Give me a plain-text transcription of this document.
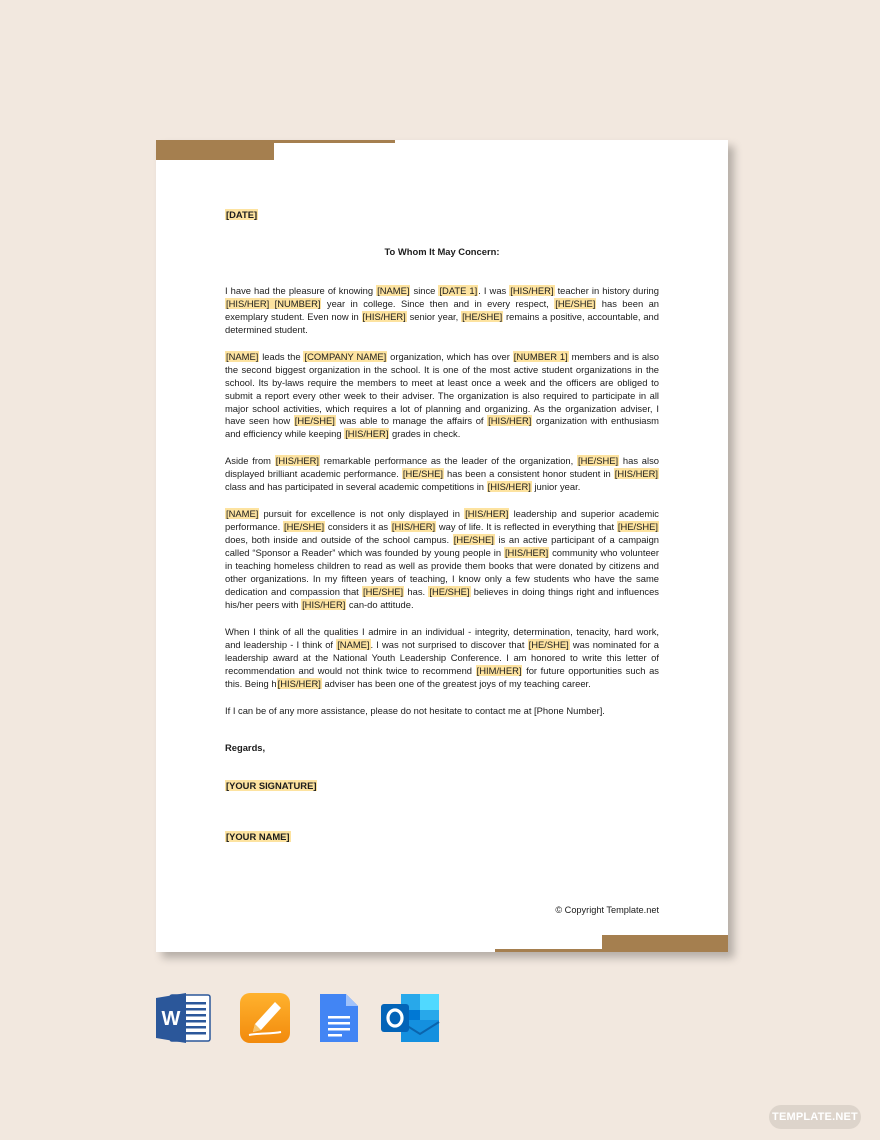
[DATE]
To Whom It May Concern:
I have had the pleasure of knowing [NAME] since [DATE 1]. I was [HIS/HER] teacher in history during [HIS/HER] [NUMBER] year in college. Since then and in every respect, [HE/SHE] has been an exemplary student. Even now in [HIS/HER] senior year, [HE/SHE] remains a positive, accountable, and determined student.
[NAME] leads the [COMPANY NAME] organization, which has over [NUMBER 1] members and is also the second biggest organization in the school. It is one of the most active student organizations in the school. Its by-laws require the members to meet at least once a week and the officers are obliged to submit a report every other week to their adviser. The organization is also required to participate in all major school activities, which requires a lot of planning and organizing. As the organization adviser, I have seen how [HE/SHE] was able to manage the affairs of [HIS/HER] organization with enthusiasm and efficiency while keeping [HIS/HER] grades in check.
Aside from [HIS/HER] remarkable performance as the leader of the organization, [HE/SHE] has also displayed brilliant academic performance. [HE/SHE] has been a consistent honor student in [HIS/HER] class and has participated in several academic competitions in [HIS/HER] junior year.
[NAME] pursuit for excellence is not only displayed in [HIS/HER] leadership and superior academic performance. [HE/SHE] considers it as [HIS/HER] way of life. It is reflected in everything that [HE/SHE] does, both inside and outside of the school campus. [HE/SHE] is an active participant of a campaign called “Sponsor a Reader” which was founded by young people in [HIS/HER] community who volunteer in teaching homeless children to read as well as provide them books that were donated by citizens and other organizations. In my fifteen years of teaching, I know only a few students who have the same dedication and compassion that [HE/SHE] has. [HE/SHE] believes in doing things right and influences his/her peers with [HIS/HER] can-do attitude.
When I think of all the qualities I admire in an individual - integrity, determination, tenacity, hard work, and leadership - I think of [NAME]. I was not surprised to discover that [HE/SHE] was nominated for a leadership award at the National Youth Leadership Conference. I am honored to write this letter of recommendation and would not think twice to recommend [HIM/HER] for future opportunities such as this. Being h[HIS/HER] adviser has been one of the greatest joys of my teaching career.
If I can be of any more assistance, please do not hesitate to contact me at [Phone Number].
Regards,
[YOUR SIGNATURE]
[YOUR NAME]
© Copyright Template.net
W
TEMPLATE.NET
